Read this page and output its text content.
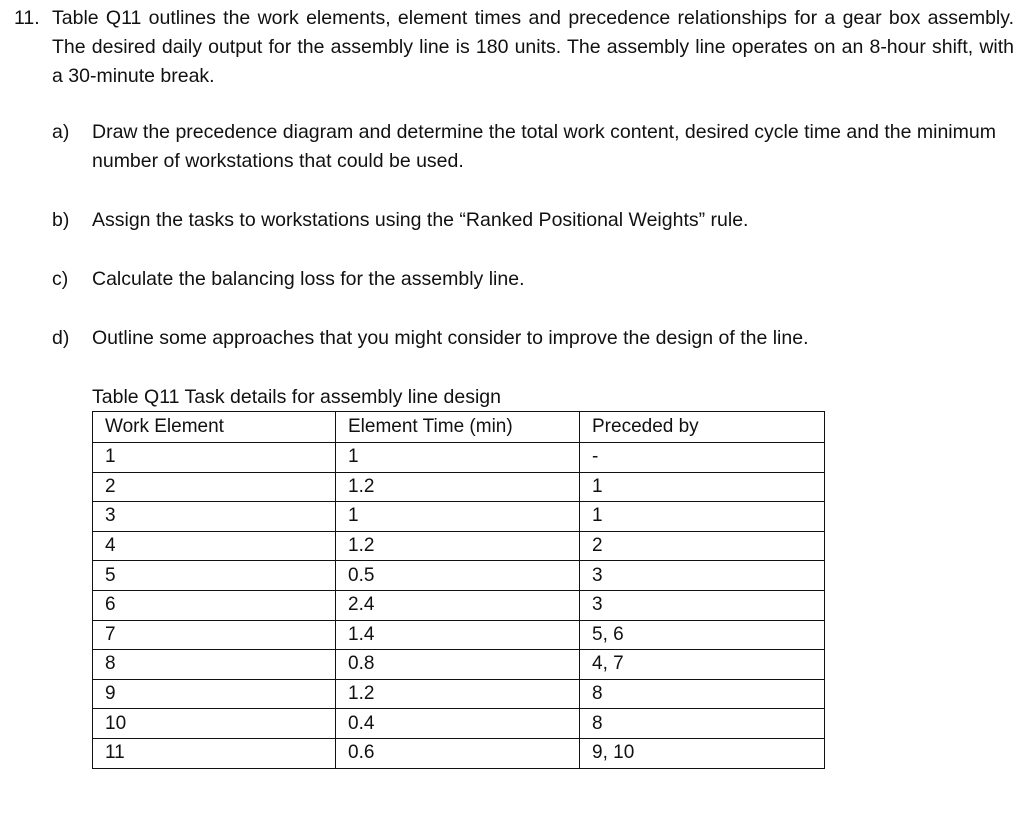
11. Table Q11 outlines the work elements, element times and precedence relationships for a gear box assembly. The desired daily output for the assembly line is 180 units. The assembly line operates on an 8-hour shift, with a 30-minute break.
a) Draw the precedence diagram and determine the total work content, desired cycle time and the minimum number of workstations that could be used.
b) Assign the tasks to workstations using the “Ranked Positional Weights” rule.
c) Calculate the balancing loss for the assembly line.
d) Outline some approaches that you might consider to improve the design of the line.
Table Q11 Task details for assembly line design
Work Element	Element Time (min)	Preceded by
1	1	-
2	1.2	1
3	1	1
4	1.2	2
5	0.5	3
6	2.4	3
7	1.4	5, 6
8	0.8	4, 7
9	1.2	8
10	0.4	8
11	0.6	9, 10
